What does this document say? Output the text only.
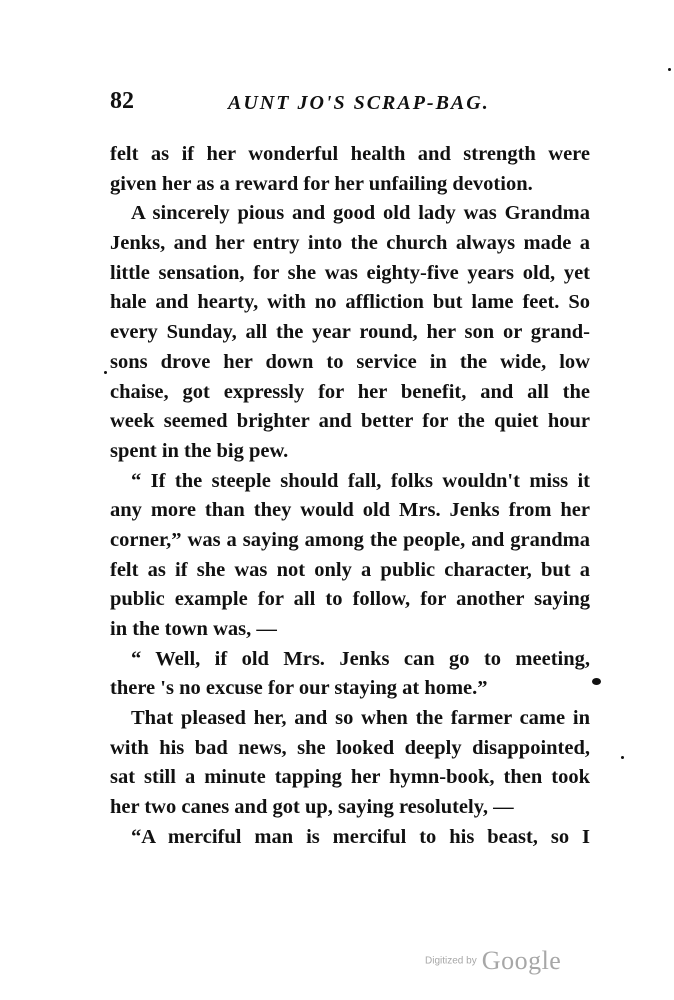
82	AUNT JO'S SCRAP-BAG.
felt as if her wonderful health and strength were
given her as a reward for her unfailing devotion.
A sincerely pious and good old lady was Grandma
Jenks, and her entry into the church always made a
little sensation, for she was eighty-five years old, yet
hale and hearty, with no affliction but lame feet. So
every Sunday, all the year round, her son or grand-
sons drove her down to service in the wide, low
chaise, got expressly for her benefit, and all the
week seemed brighter and better for the quiet hour
spent in the big pew.
“ If the steeple should fall, folks wouldn't miss it
any more than they would old Mrs. Jenks from her
corner,” was a saying among the people, and grandma
felt as if she was not only a public character, but a
public example for all to follow, for another saying
in the town was, —
“ Well, if old Mrs. Jenks can go to meeting,
there 's no excuse for our staying at home.”
That pleased her, and so when the farmer came in
with his bad news, she looked deeply disappointed,
sat still a minute tapping her hymn-book, then took
her two canes and got up, saying resolutely, —
“A merciful man is merciful to his beast, so I
Digitized by Google
